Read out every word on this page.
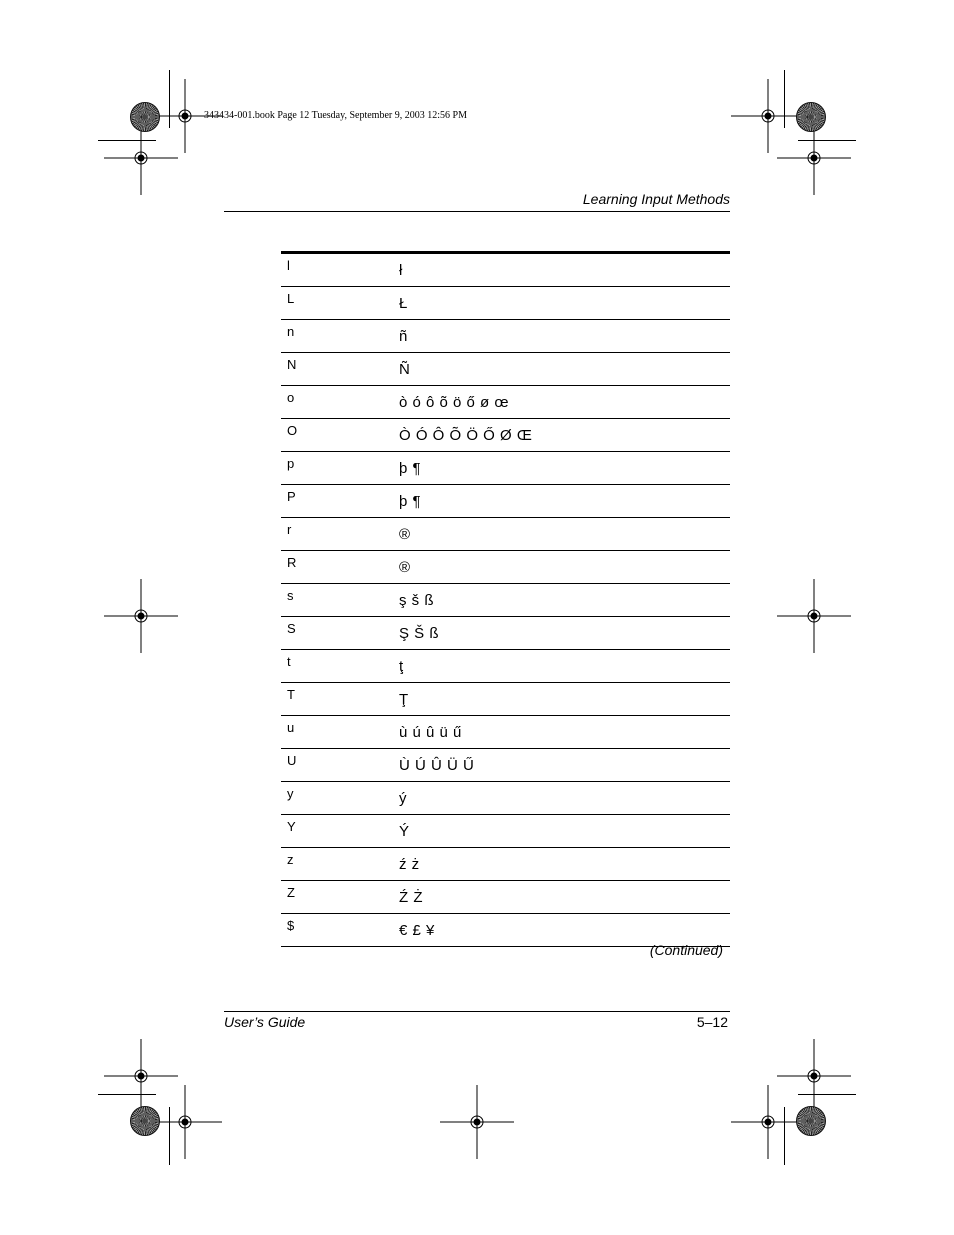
343434-001.book Page 12 Tuesday, September 9, 2003 12:56 PM
Learning Input Methods
l	ł
L	Ł
n	ñ
N	Ñ
o	ò ó ô õ ö ő ø œ
O	Ò Ó Ô Õ Ö Ő Ø Œ
p	þ ¶
P	þ ¶
r	®
R	®
s	ş š ß
S	Ş Š ß
t	ţ
T	Ţ
u	ù ú û ü ű
U	Ù Ú Û Ü Ű
y	ý
Y	Ý
z	ź ż
Z	Ź Ż
$	€ £ ¥
(Continued)
User’s Guide	5–12
